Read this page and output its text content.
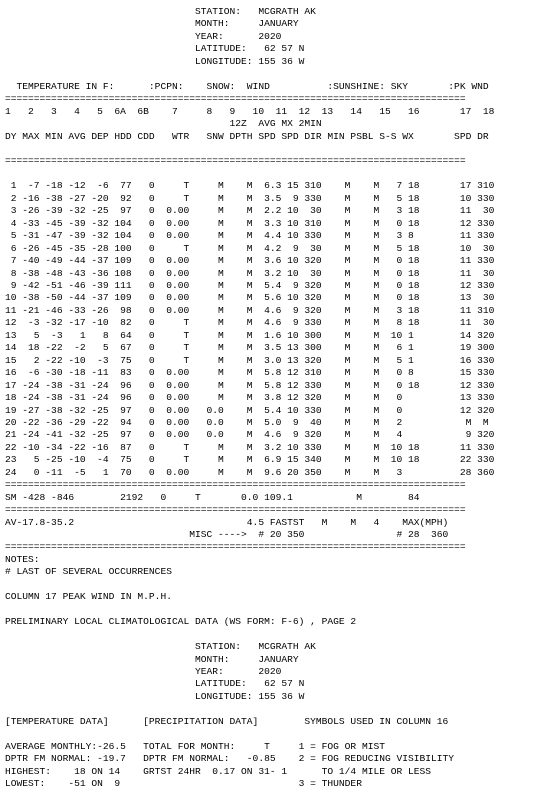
STATION:   MCGRATH AK
MONTH:     JANUARY
YEAR:      2020
LATITUDE:   62 57 N
LONGITUDE: 155 36 W

TEMPERATURE IN F:      :PCPN:    SNOW:  WIND          :SUNSHINE: SKY       :PK WND
================================================================================
1   2   3   4   5  6A  6B    7     8   9   10  11  12  13   14   15   16       17  18
12Z  AVG MX 2MIN
DY MAX MIN AVG DEP HDD CDD   WTR   SNW DPTH SPD SPD DIR MIN PSBL S-S WX       SPD DR

================================================================================

1  -7 -18 -12  -6  77   0     T     M    M  6.3 15 310    M    M   7 18       17 310
2 -16 -38 -27 -20  92   0     T     M    M  3.5  9 330    M    M   5 18       10 330
3 -26 -39 -32 -25  97   0  0.00     M    M  2.2 10  30    M    M   3 18       11  30
4 -33 -45 -39 -32 104   0  0.00     M    M  3.3 10 310    M    M   0 18       12 330
5 -31 -47 -39 -32 104   0  0.00     M    M  4.4 10 330    M    M   3 8        11 330
6 -26 -45 -35 -28 100   0     T     M    M  4.2  9  30    M    M   5 18       10  30
7 -40 -49 -44 -37 109   0  0.00     M    M  3.6 10 320    M    M   0 18       11 330
8 -38 -48 -43 -36 108   0  0.00     M    M  3.2 10  30    M    M   0 18       11  30
9 -42 -51 -46 -39 111   0  0.00     M    M  5.4  9 320    M    M   0 18       12 330
10 -38 -50 -44 -37 109   0  0.00     M    M  5.6 10 320    M    M   0 18       13  30
11 -21 -46 -33 -26  98   0  0.00     M    M  4.6  9 320    M    M   3 18       11 310
12  -3 -32 -17 -10  82   0     T     M    M  4.6  9 330    M    M   8 18       11  30
13   5  -3   1   8  64   0     T     M    M  1.6 10 300    M    M  10 1        14 320
14  18 -22  -2   5  67   0     T     M    M  3.5 13 300    M    M   6 1        19 300
15   2 -22 -10  -3  75   0     T     M    M  3.0 13 320    M    M   5 1        16 330
16  -6 -30 -18 -11  83   0  0.00     M    M  5.8 12 310    M    M   0 8        15 330
17 -24 -38 -31 -24  96   0  0.00     M    M  5.8 12 330    M    M   0 18       12 330
18 -24 -38 -31 -24  96   0  0.00     M    M  3.8 12 320    M    M   0          13 330
19 -27 -38 -32 -25  97   0  0.00   0.0    M  5.4 10 330    M    M   0          12 320
20 -22 -36 -29 -22  94   0  0.00   0.0    M  5.0  9  40    M    M   2           M  M
21 -24 -41 -32 -25  97   0  0.00   0.0    M  4.6  9 320    M    M   4           9 320
22 -10 -34 -22 -16  87   0     T     M    M  3.2 10 330    M    M  10 18       11 330
23   5 -25 -10  -4  75   0     T     M    M  6.9 15 340    M    M  10 18       22 330
24   0 -11  -5   1  70   0  0.00     M    M  9.6 20 350    M    M   3          28 360
================================================================================
SM -428 -846        2192   0     T       0.0 109.1           M        84
================================================================================
AV-17.8-35.2                              4.5 FASTST   M    M   4    MAX(MPH)
MISC ---->  # 20 350                # 28  360
================================================================================
NOTES:
# LAST OF SEVERAL OCCURRENCES

COLUMN 17 PEAK WIND IN M.P.H.

PRELIMINARY LOCAL CLIMATOLOGICAL DATA (WS FORM: F-6) , PAGE 2

STATION:   MCGRATH AK
MONTH:     JANUARY
YEAR:      2020
LATITUDE:   62 57 N
LONGITUDE: 155 36 W

[TEMPERATURE DATA]      [PRECIPITATION DATA]        SYMBOLS USED IN COLUMN 16

AVERAGE MONTHLY:-26.5   TOTAL FOR MONTH:     T     1 = FOG OR MIST
DPTR FM NORMAL: -19.7   DPTR FM NORMAL:   -0.85    2 = FOG REDUCING VISIBILITY
HIGHEST:    18 ON 14    GRTST 24HR  0.17 ON 31- 1      TO 1/4 MILE OR LESS
LOWEST:    -51 ON  9                               3 = THUNDER
